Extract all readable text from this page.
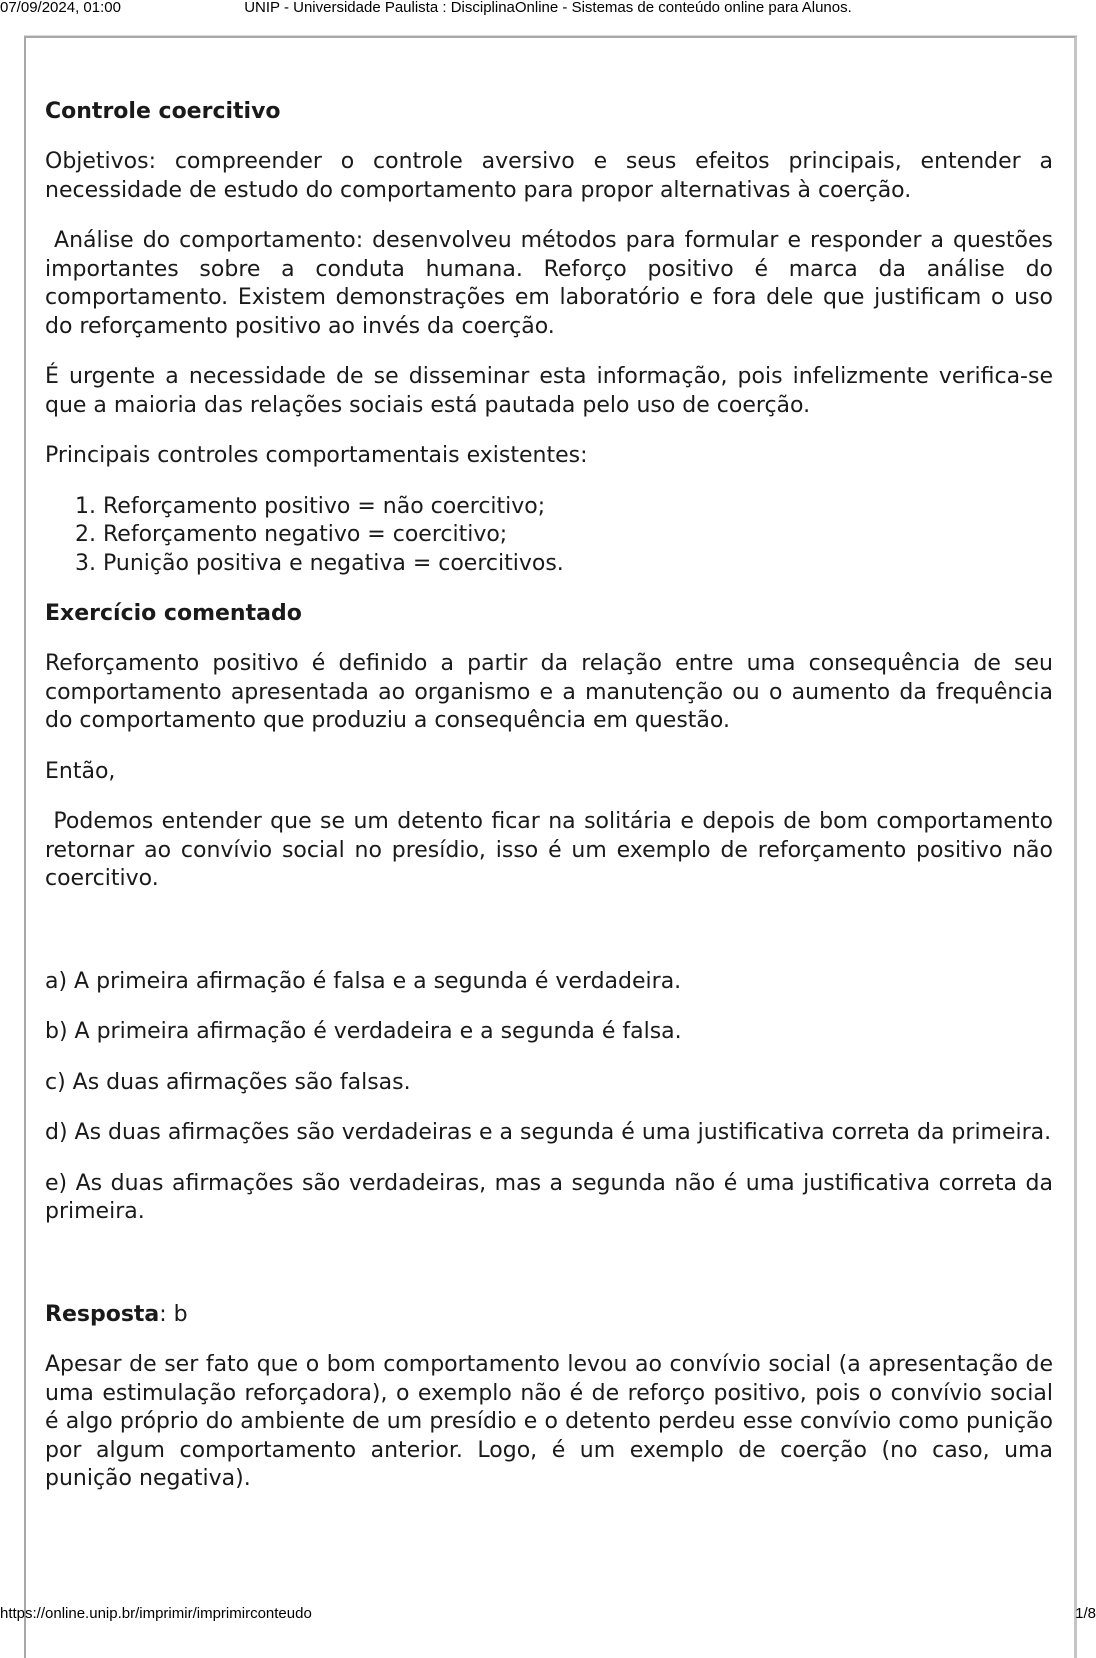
UNIP - Universidade Paulista : DisciplinaOnline - Sistemas de conteúdo online para Alunos.
07/09/2024, 01:00
Controle coercitivo

Objetivos: compreender o controle aversivo e seus efeitos principais, entender a necessidade de estudo do comportamento para propor alternativas à coerção.

Análise do comportamento: desenvolveu métodos para formular e responder a questões importantes sobre a conduta humana. Reforço positivo é marca da análise do comportamento. Existem demonstrações em laboratório e fora dele que justificam o uso do reforçamento positivo ao invés da coerção.

É urgente a necessidade de se disseminar esta informação, pois infelizmente verifica-se que a maioria das relações sociais está pautada pelo uso de coerção.

Principais controles comportamentais existentes:

1. Reforçamento positivo = não coercitivo;
2. Reforçamento negativo = coercitivo;
3. Punição positiva e negativa = coercitivos.
Exercício comentado

Reforçamento positivo é definido a partir da relação entre uma consequência de seu comportamento apresentada ao organismo e a manutenção ou o aumento da frequência do comportamento que produziu a consequência em questão.

Então,

Podemos entender que se um detento ficar na solitária e depois de bom comportamento retornar ao convívio social no presídio, isso é um exemplo de reforçamento positivo não coercitivo.

a) A primeira afirmação é falsa e a segunda é verdadeira.

b) A primeira afirmação é verdadeira e a segunda é falsa.

c) As duas afirmações são falsas.

d) As duas afirmações são verdadeiras e a segunda é uma justificativa correta da primeira.

e) As duas afirmações são verdadeiras, mas a segunda não é uma justificativa correta da primeira.

Resposta: b

Apesar de ser fato que o bom comportamento levou ao convívio social (a apresentação de uma estimulação reforçadora), o exemplo não é de reforço positivo, pois o convívio social é algo próprio do ambiente de um presídio e o detento perdeu esse convívio como punição por algum comportamento anterior. Logo, é um exemplo de coerção (no caso, uma punição negativa).

https://online.unip.br/imprimir/imprimirconteudo	1/8
